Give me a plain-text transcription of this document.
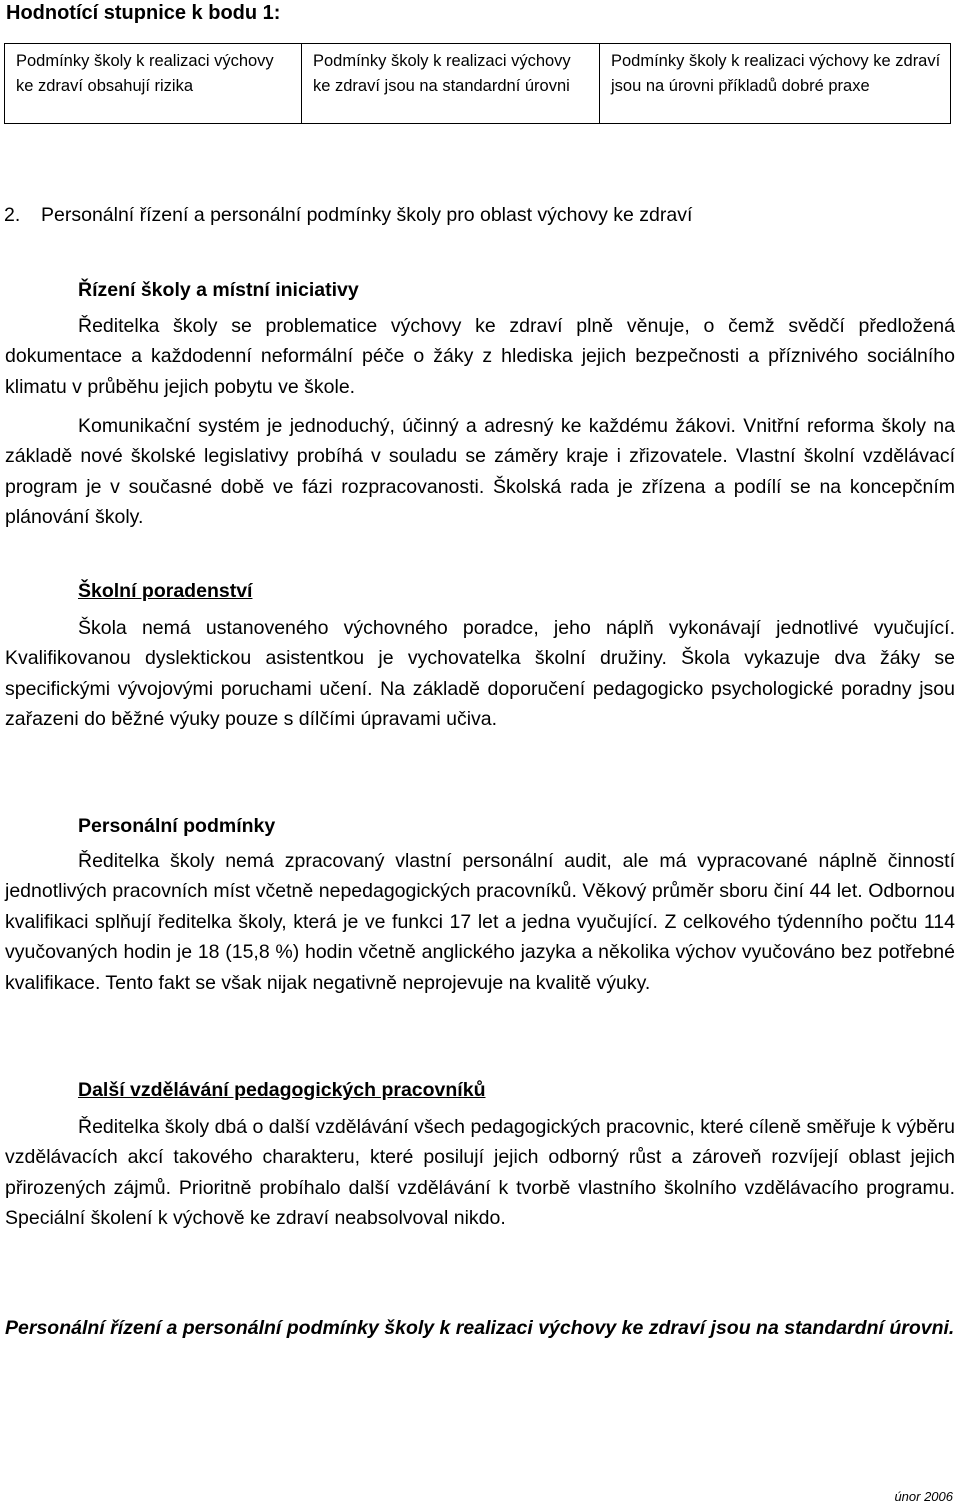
Hodnotící stupnice k bodu 1:
Podmínky školy k realizaci výchovy ke zdraví obsahují rizika	Podmínky školy k realizaci výchovy ke zdraví jsou na standardní úrovni	Podmínky školy k realizaci výchovy ke zdraví jsou na úrovni příkladů dobré praxe
2. Personální řízení a personální podmínky školy pro oblast výchovy ke zdraví
Řízení školy a místní iniciativy

Ředitelka školy se problematice výchovy ke zdraví plně věnuje, o čemž svědčí předložená dokumentace a každodenní neformální péče o žáky z hlediska jejich bezpečnosti a příznivého sociálního klimatu v průběhu jejich pobytu ve škole.

Komunikační systém je jednoduchý, účinný a adresný ke každému žákovi. Vnitřní reforma školy na základě nové školské legislativy probíhá v souladu se záměry kraje i zřizovatele. Vlastní školní vzdělávací program je v současné době ve fázi rozpracovanosti. Školská rada je zřízena a podílí se na koncepčním plánování školy.

Školní poradenství

Škola nemá ustanoveného výchovného poradce, jeho náplň vykonávají jednotlivé vyučující. Kvalifikovanou dyslektickou asistentkou je vychovatelka školní družiny. Škola vykazuje dva žáky se specifickými vývojovými poruchami učení. Na základě doporučení pedagogicko psychologické poradny jsou zařazeni do běžné výuky pouze s dílčími úpravami učiva.

Personální podmínky

Ředitelka školy nemá zpracovaný vlastní personální audit, ale má vypracované náplně činností jednotlivých pracovních míst včetně nepedagogických pracovníků. Věkový průměr sboru činí 44 let. Odbornou kvalifikaci splňují ředitelka školy, která je ve funkci 17 let a jedna vyučující. Z celkového týdenního počtu 114 vyučovaných hodin je 18 (15,8 %) hodin včetně anglického jazyka a několika výchov vyučováno bez potřebné kvalifikace. Tento fakt se však nijak negativně neprojevuje na kvalitě výuky.

Další vzdělávání pedagogických pracovníků

Ředitelka školy dbá o další vzdělávání všech pedagogických pracovnic, které cíleně směřuje k výběru vzdělávacích akcí takového charakteru, které posilují jejich odborný růst a zároveň rozvíjejí oblast jejich přirozených zájmů. Prioritně probíhalo další vzdělávání k tvorbě vlastního školního vzdělávacího programu. Speciální školení k výchově ke zdraví neabsolvoval nikdo.

Personální řízení a personální podmínky školy k realizaci výchovy ke zdraví jsou na standardní úrovni.

únor 2006
